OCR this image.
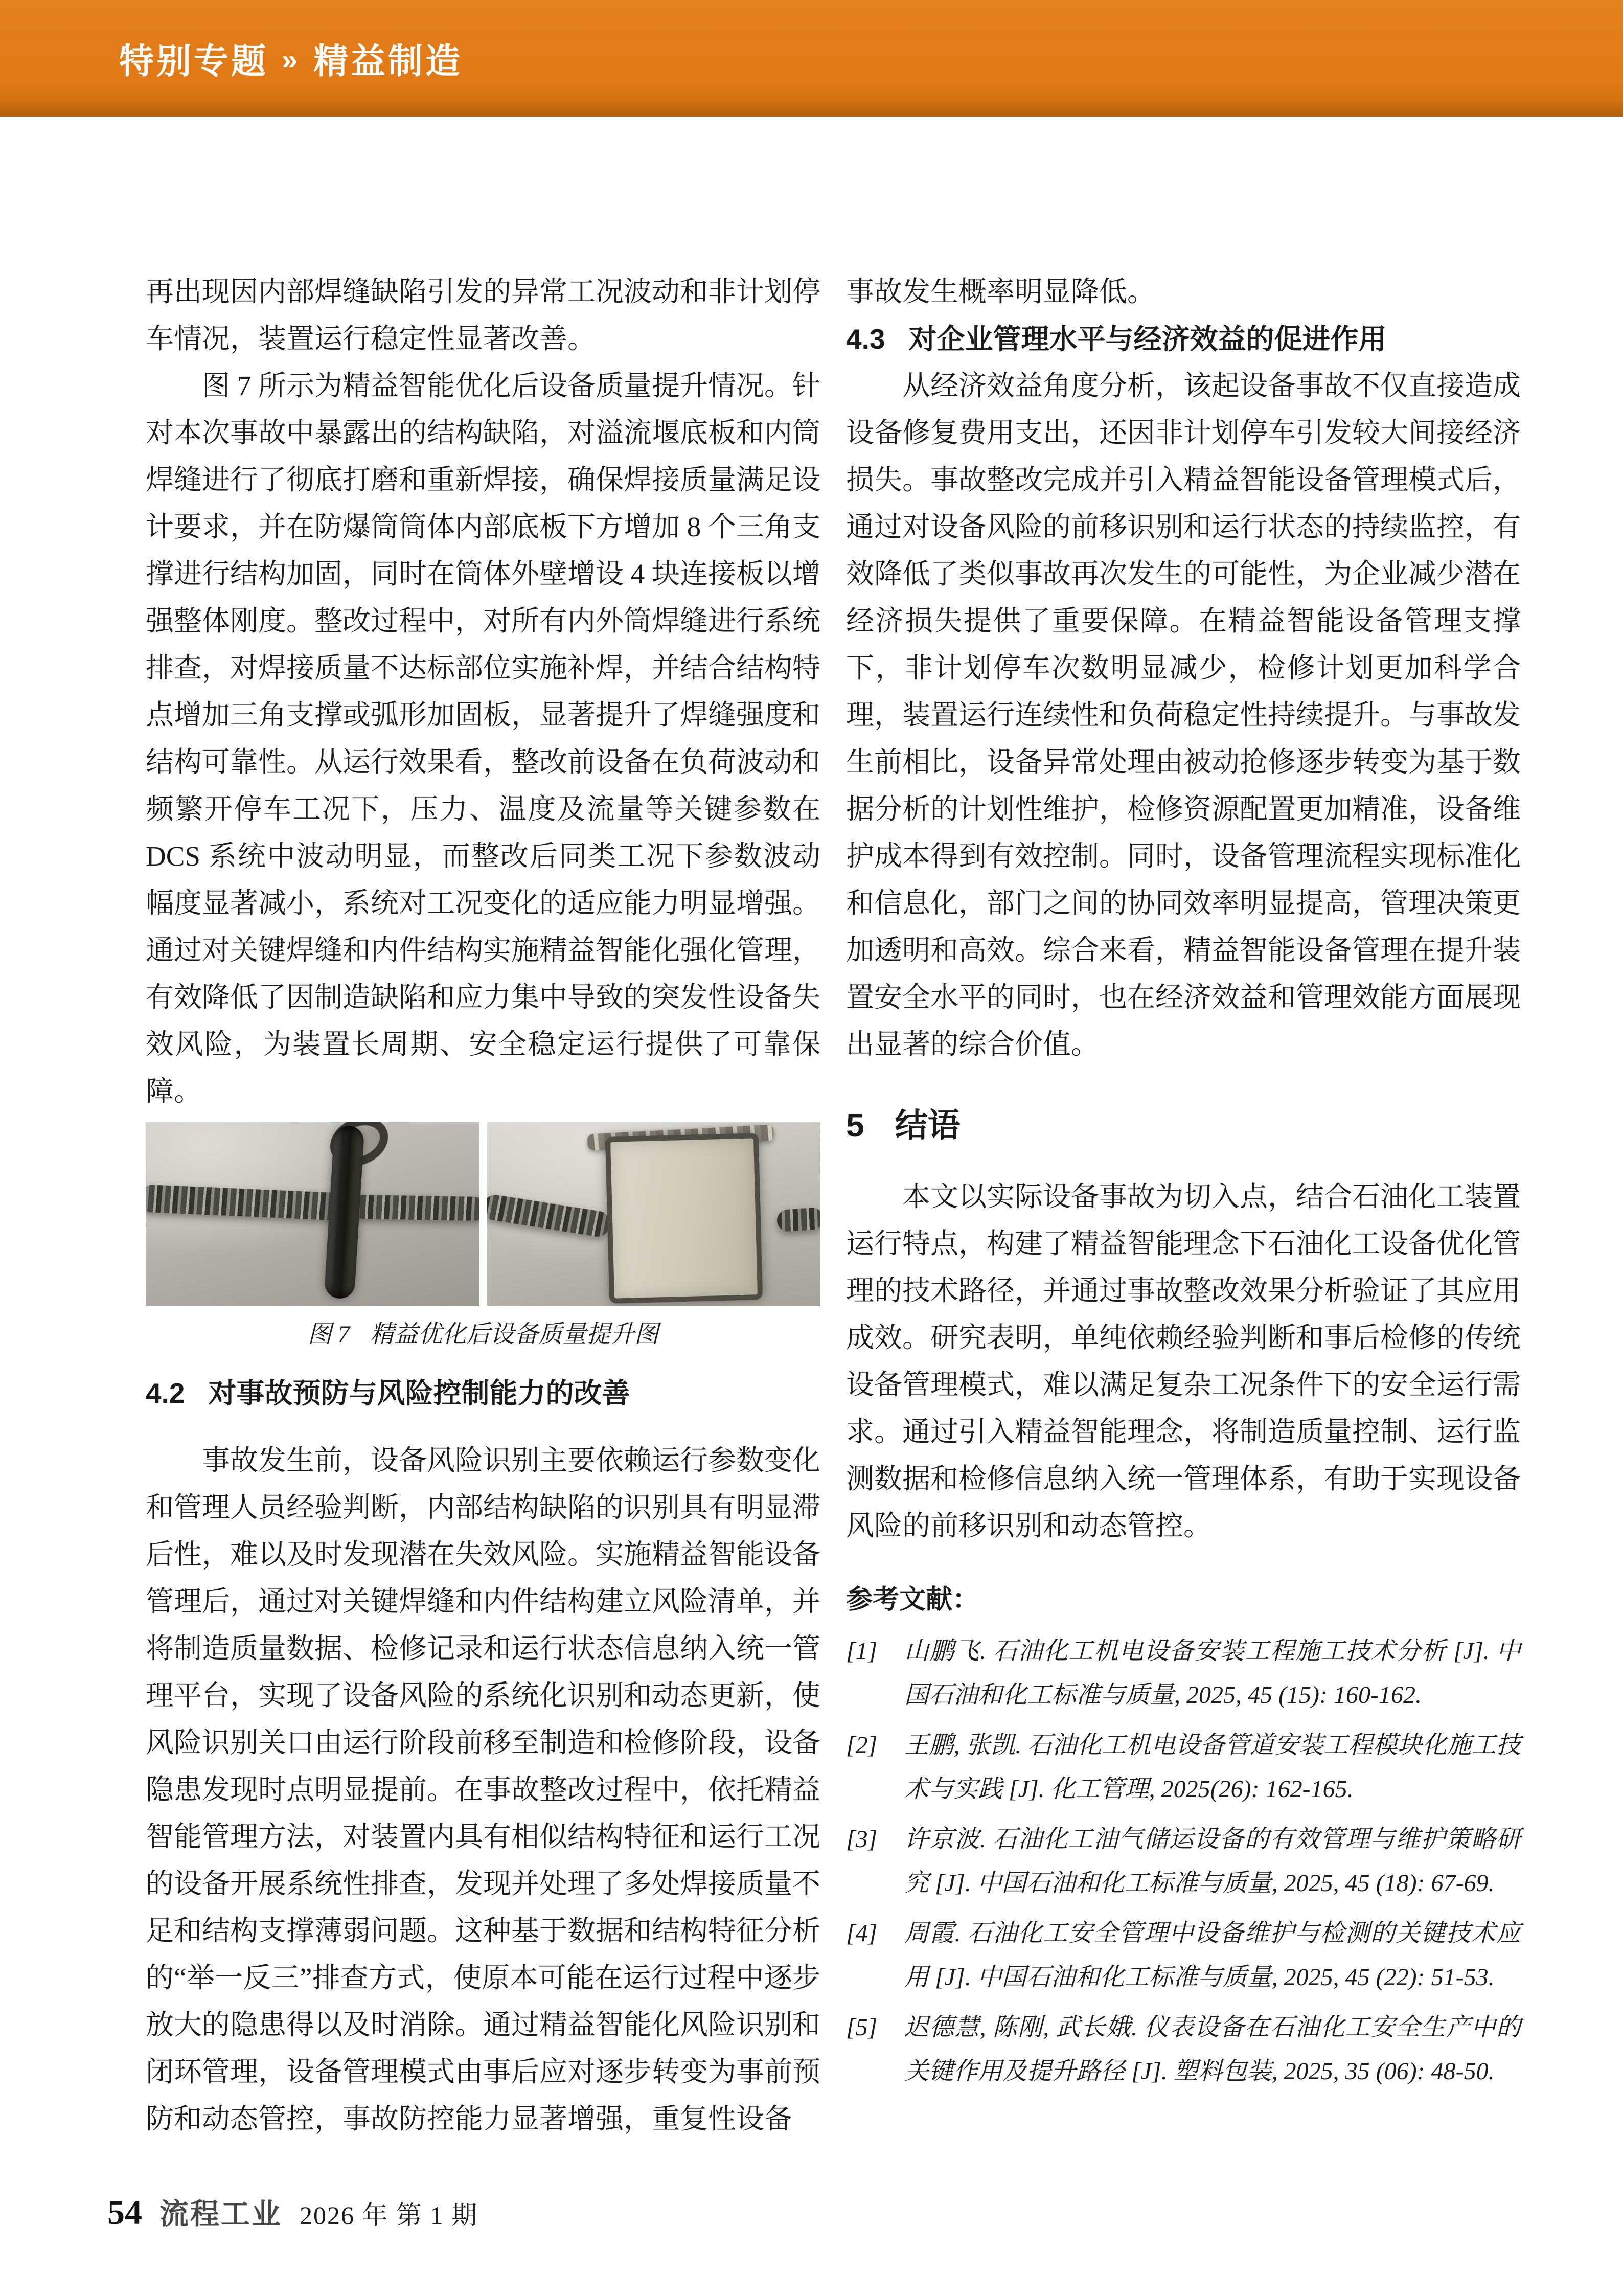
特别专题 » 精益制造

再出现因内部焊缝缺陷引发的异常工况波动和非计划停车情况，装置运行稳定性显著改善。

图 7 所示为精益智能优化后设备质量提升情况。针对本次事故中暴露出的结构缺陷，对溢流堰底板和内筒焊缝进行了彻底打磨和重新焊接，确保焊接质量满足设计要求，并在防爆筒筒体内部底板下方增加 8 个三角支撑进行结构加固，同时在筒体外壁增设 4 块连接板以增强整体刚度。整改过程中，对所有内外筒焊缝进行系统排查，对焊接质量不达标部位实施补焊，并结合结构特点增加三角支撑或弧形加固板，显著提升了焊缝强度和结构可靠性。从运行效果看，整改前设备在负荷波动和频繁开停车工况下，压力、温度及流量等关键参数在 DCS 系统中波动明显，而整改后同类工况下参数波动幅度显著减小，系统对工况变化的适应能力明显增强。通过对关键焊缝和内件结构实施精益智能化强化管理，有效降低了因制造缺陷和应力集中导致的突发性设备失效风险，为装置长周期、安全稳定运行提供了可靠保障。

图 7 精益优化后设备质量提升图
4.2 对事故预防与风险控制能力的改善

事故发生前，设备风险识别主要依赖运行参数变化和管理人员经验判断，内部结构缺陷的识别具有明显滞后性，难以及时发现潜在失效风险。实施精益智能设备管理后，通过对关键焊缝和内件结构建立风险清单，并将制造质量数据、检修记录和运行状态信息纳入统一管理平台，实现了设备风险的系统化识别和动态更新，使风险识别关口由运行阶段前移至制造和检修阶段，设备隐患发现时点明显提前。在事故整改过程中，依托精益智能管理方法，对装置内具有相似结构特征和运行工况的设备开展系统性排查，发现并处理了多处焊接质量不足和结构支撑薄弱问题。这种基于数据和结构特征分析的“举一反三”排查方式，使原本可能在运行过程中逐步放大的隐患得以及时消除。通过精益智能化风险识别和闭环管理，设备管理模式由事后应对逐步转变为事前预防和动态管控，事故防控能力显著增强，重复性设备

事故发生概率明显降低。

4.3 对企业管理水平与经济效益的促进作用

从经济效益角度分析，该起设备事故不仅直接造成设备修复费用支出，还因非计划停车引发较大间接经济损失。事故整改完成并引入精益智能设备管理模式后，通过对设备风险的前移识别和运行状态的持续监控，有效降低了类似事故再次发生的可能性，为企业减少潜在经济损失提供了重要保障。在精益智能设备管理支撑下，非计划停车次数明显减少，检修计划更加科学合理，装置运行连续性和负荷稳定性持续提升。与事故发生前相比，设备异常处理由被动抢修逐步转变为基于数据分析的计划性维护，检修资源配置更加精准，设备维护成本得到有效控制。同时，设备管理流程实现标准化和信息化，部门之间的协同效率明显提高，管理决策更加透明和高效。综合来看，精益智能设备管理在提升装置安全水平的同时，也在经济效益和管理效能方面展现出显著的综合价值。

5 结语

本文以实际设备事故为切入点，结合石油化工装置运行特点，构建了精益智能理念下石油化工设备优化管理的技术路径，并通过事故整改效果分析验证了其应用成效。研究表明，单纯依赖经验判断和事后检修的传统设备管理模式，难以满足复杂工况条件下的安全运行需求。通过引入精益智能理念，将制造质量控制、运行监测数据和检修信息纳入统一管理体系，有助于实现设备风险的前移识别和动态管控。

参考文献：
[1]	山鹏飞. 石油化工机电设备安装工程施工技术分析 [J]. 中国石油和化工标准与质量, 2025, 45 (15): 160-162.
[2]	王鹏, 张凯. 石油化工机电设备管道安装工程模块化施工技术与实践 [J]. 化工管理, 2025(26): 162-165.
[3]	许京波. 石油化工油气储运设备的有效管理与维护策略研究 [J]. 中国石油和化工标准与质量, 2025, 45 (18): 67-69.
[4]	周霞. 石油化工安全管理中设备维护与检测的关键技术应用 [J]. 中国石油和化工标准与质量, 2025, 45 (22): 51-53.
[5]	迟德慧, 陈刚, 武长娥. 仪表设备在石油化工安全生产中的关键作用及提升路径 [J]. 塑料包装, 2025, 35 (06): 48-50.
54 流程工业 2026 年 第 1 期
